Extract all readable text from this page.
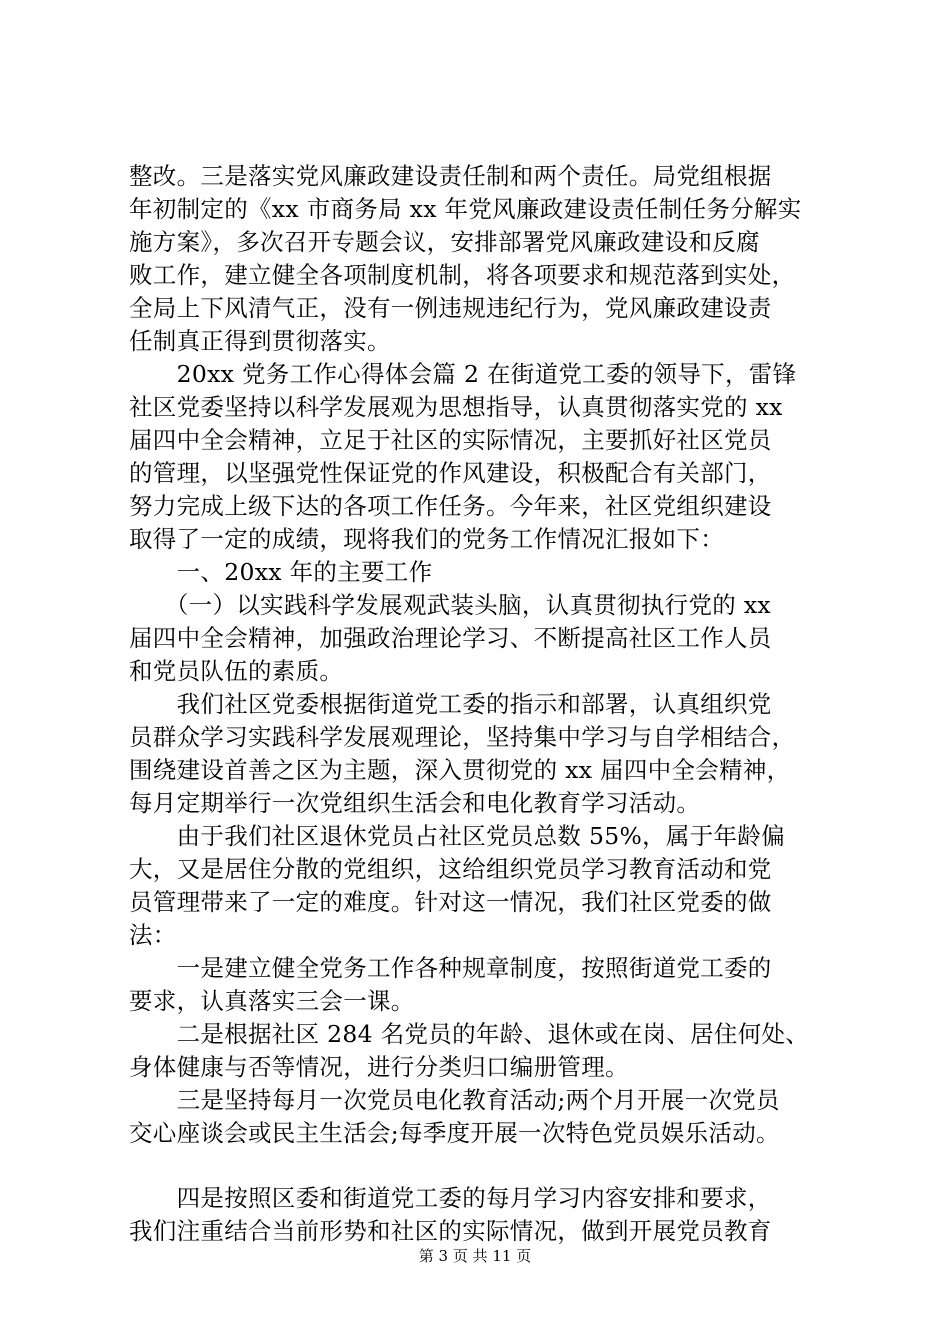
整改。三是落实党风廉政建设责任制和两个责任。局党组根据
年初制定的《xx 市商务局 xx 年党风廉政建设责任制任务分解实
施方案》，多次召开专题会议，安排部署党风廉政建设和反腐
败工作，建立健全各项制度机制，将各项要求和规范落到实处，
全局上下风清气正，没有一例违规违纪行为，党风廉政建设责
任制真正得到贯彻落实。
　　20xx 党务工作心得体会篇 2 在街道党工委的领导下，雷锋
社区党委坚持以科学发展观为思想指导，认真贯彻落实党的 xx
届四中全会精神，立足于社区的实际情况，主要抓好社区党员
的管理，以坚强党性保证党的作风建设，积极配合有关部门，
努力完成上级下达的各项工作任务。今年来，社区党组织建设
取得了一定的成绩，现将我们的党务工作情况汇报如下：
　　一、20xx 年的主要工作
　　（一）以实践科学发展观武装头脑，认真贯彻执行党的 xx
届四中全会精神，加强政治理论学习、不断提高社区工作人员
和党员队伍的素质。
　　我们社区党委根据街道党工委的指示和部署，认真组织党
员群众学习实践科学发展观理论，坚持集中学习与自学相结合，
围绕建设首善之区为主题，深入贯彻党的 xx 届四中全会精神，
每月定期举行一次党组织生活会和电化教育学习活动。
　　由于我们社区退休党员占社区党员总数 55%，属于年龄偏
大，又是居住分散的党组织，这给组织党员学习教育活动和党
员管理带来了一定的难度。针对这一情况，我们社区党委的做
法：
　　一是建立健全党务工作各种规章制度，按照街道党工委的
要求，认真落实三会一课。
　　二是根据社区 284 名党员的年龄、退休或在岗、居住何处、
身体健康与否等情况，进行分类归口编册管理。
　　三是坚持每月一次党员电化教育活动;两个月开展一次党员
交心座谈会或民主生活会;每季度开展一次特色党员娱乐活动。
　　四是按照区委和街道党工委的每月学习内容安排和要求，
我们注重结合当前形势和社区的实际情况，做到开展党员教育
第 3 页 共 11 页
